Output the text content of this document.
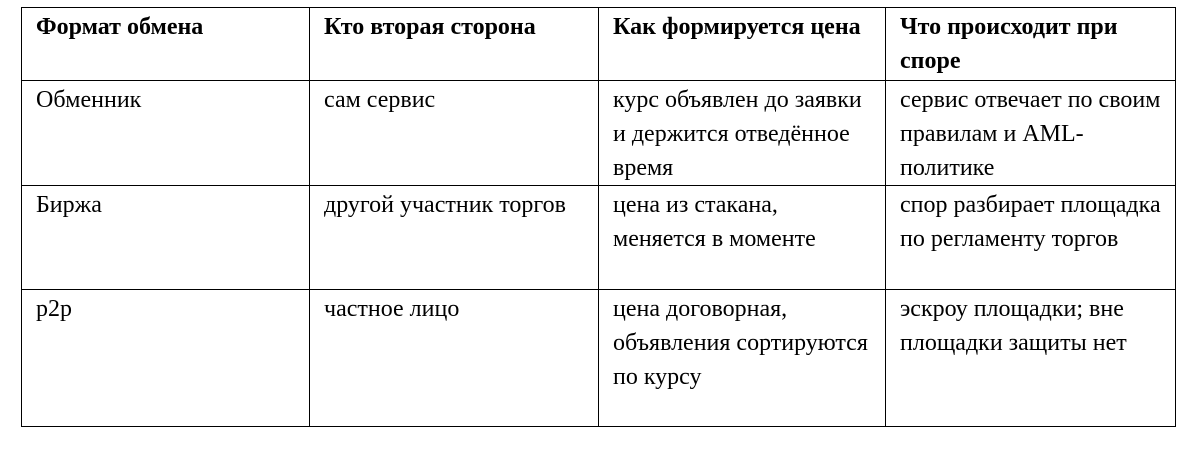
Формат обмена	Кто вторая сторона	Как формируется цена	Что происходит при споре
Обменник	сам сервис	курс объявлен до заявки и держится отведённое время	сервис отвечает по своим правилам и AML-политике
Биржа	другой участник торгов	цена из стакана, меняется в моменте	спор разбирает площадка по регламенту торгов
p2p	частное лицо	цена договорная, объявления сортируются по курсу	эскроу площадки; вне площадки защиты нет
